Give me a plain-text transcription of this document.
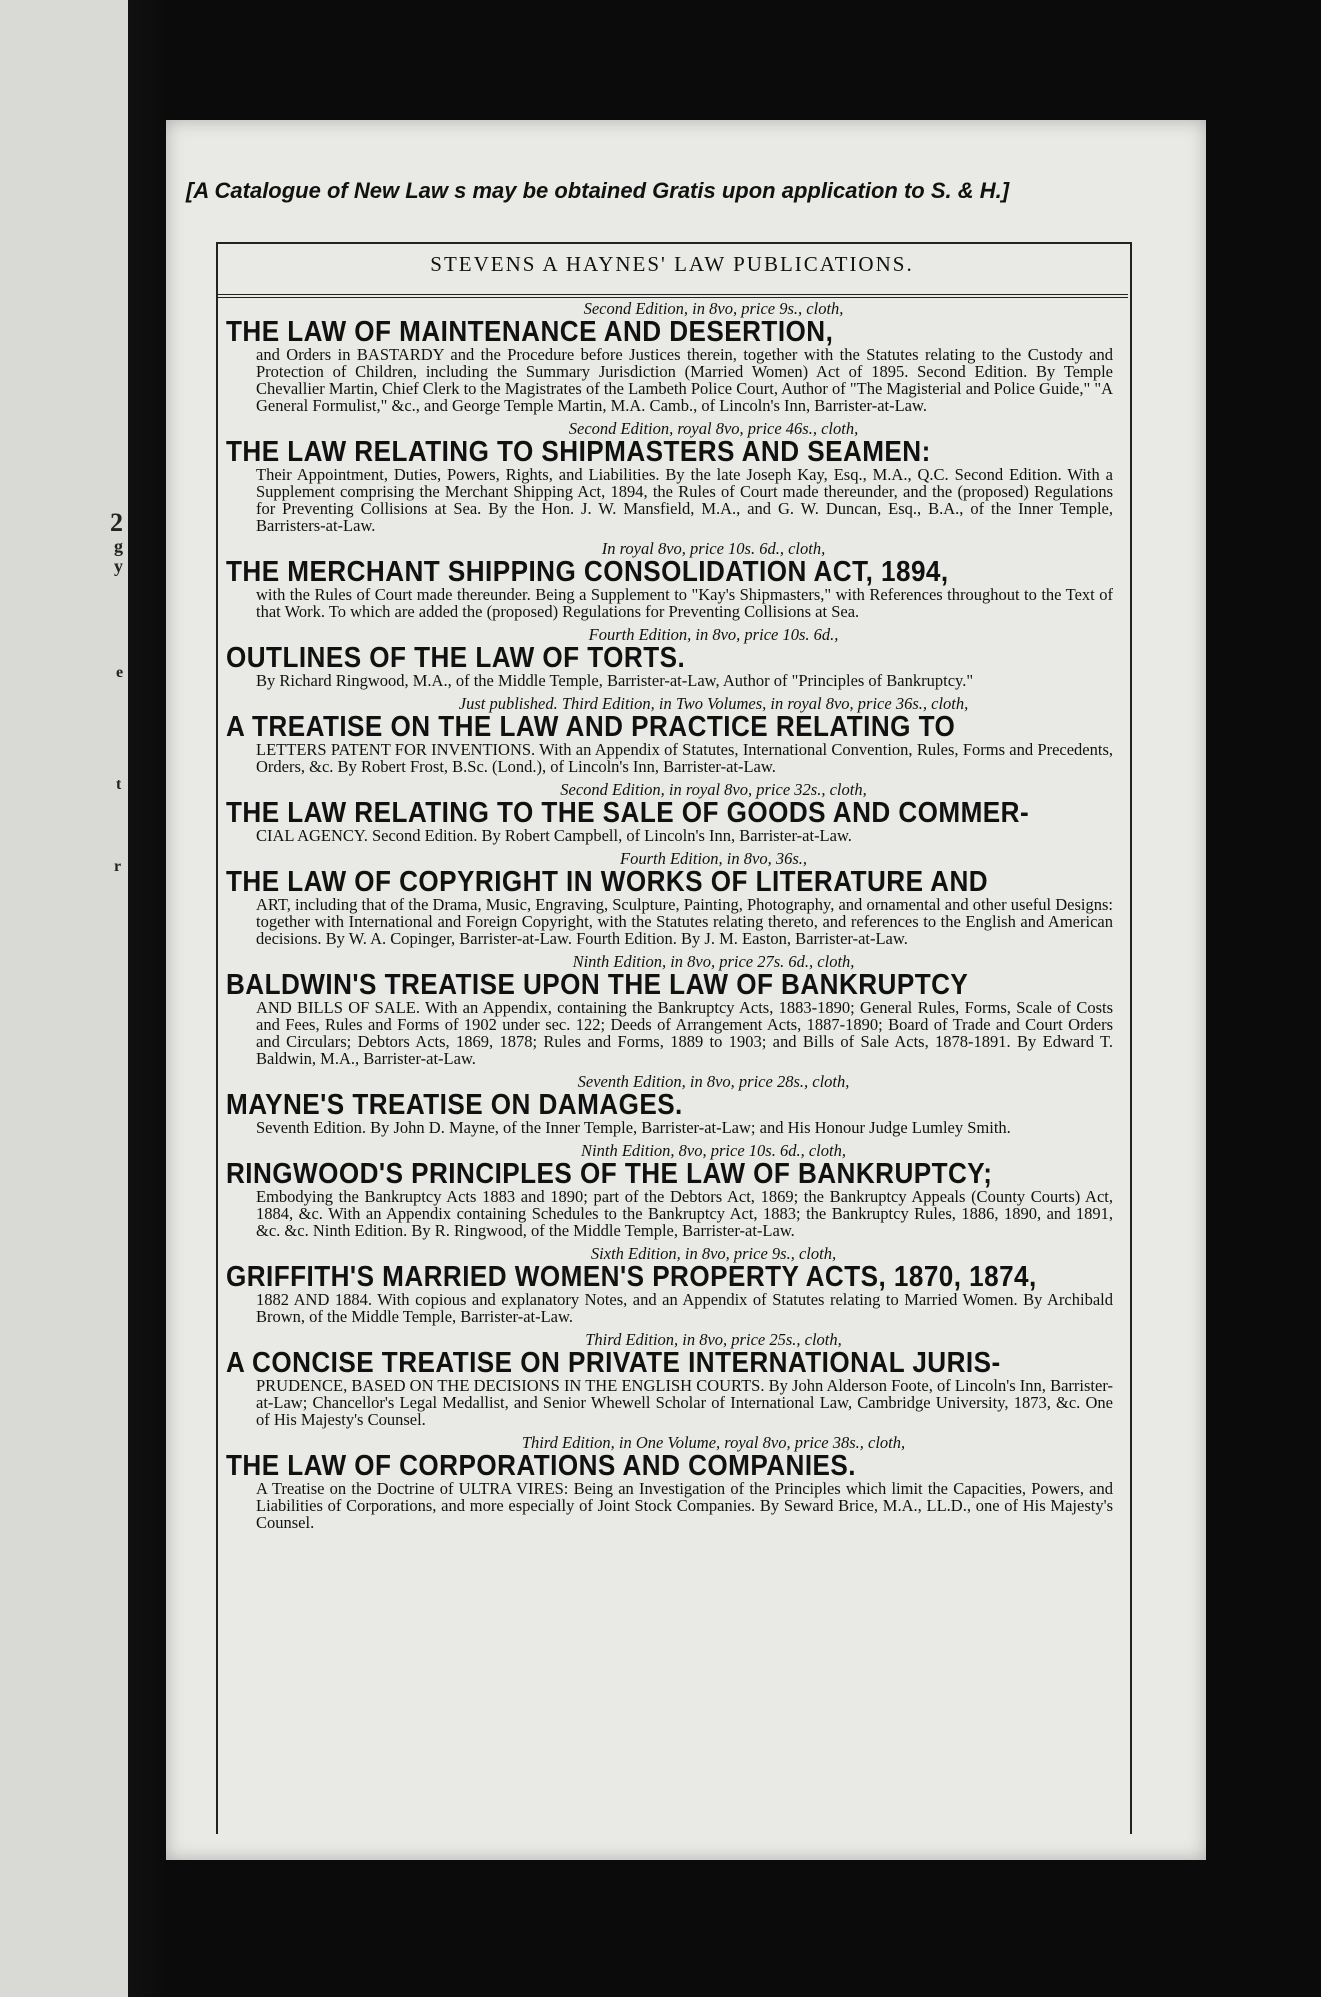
2
g
y
e
t
r
[A Catalogue of New Law s may be obtained Gratis upon application to S. & H.]
STEVENS A HAYNES' LAW PUBLICATIONS.
Second Edition, in 8vo, price 9s., cloth,
THE LAW OF MAINTENANCE AND DESERTION,
and Orders in BASTARDY and the Procedure before Justices therein, together with the Statutes relating to the Custody and Protection of Children, including the Summary Jurisdiction (Married Women) Act of 1895. Second Edition. By Temple Chevallier Martin, Chief Clerk to the Magistrates of the Lambeth Police Court, Author of "The Magisterial and Police Guide," "A General Formulist," &c., and George Temple Martin, M.A. Camb., of Lincoln's Inn, Barrister-at-Law.
Second Edition, royal 8vo, price 46s., cloth,
THE LAW RELATING TO SHIPMASTERS AND SEAMEN:
Their Appointment, Duties, Powers, Rights, and Liabilities. By the late Joseph Kay, Esq., M.A., Q.C. Second Edition. With a Supplement comprising the Merchant Shipping Act, 1894, the Rules of Court made thereunder, and the (proposed) Regulations for Preventing Collisions at Sea. By the Hon. J. W. Mansfield, M.A., and G. W. Duncan, Esq., B.A., of the Inner Temple, Barristers-at-Law.
In royal 8vo, price 10s. 6d., cloth,
THE MERCHANT SHIPPING CONSOLIDATION ACT, 1894,
with the Rules of Court made thereunder. Being a Supplement to "Kay's Shipmasters," with References throughout to the Text of that Work. To which are added the (proposed) Regulations for Preventing Collisions at Sea.
Fourth Edition, in 8vo, price 10s. 6d.,
OUTLINES OF THE LAW OF TORTS.
By Richard Ringwood, M.A., of the Middle Temple, Barrister-at-Law, Author of "Principles of Bankruptcy."
Just published. Third Edition, in Two Volumes, in royal 8vo, price 36s., cloth,
A TREATISE ON THE LAW AND PRACTICE RELATING TO
LETTERS PATENT FOR INVENTIONS. With an Appendix of Statutes, International Convention, Rules, Forms and Precedents, Orders, &c. By Robert Frost, B.Sc. (Lond.), of Lincoln's Inn, Barrister-at-Law.
Second Edition, in royal 8vo, price 32s., cloth,
THE LAW RELATING TO THE SALE OF GOODS AND COMMER-
CIAL AGENCY. Second Edition. By Robert Campbell, of Lincoln's Inn, Barrister-at-Law.
Fourth Edition, in 8vo, 36s.,
THE LAW OF COPYRIGHT IN WORKS OF LITERATURE AND
ART, including that of the Drama, Music, Engraving, Sculpture, Painting, Photography, and ornamental and other useful Designs: together with International and Foreign Copyright, with the Statutes relating thereto, and references to the English and American decisions. By W. A. Copinger, Barrister-at-Law. Fourth Edition. By J. M. Easton, Barrister-at-Law.
Ninth Edition, in 8vo, price 27s. 6d., cloth,
BALDWIN'S TREATISE UPON THE LAW OF BANKRUPTCY
AND BILLS OF SALE. With an Appendix, containing the Bankruptcy Acts, 1883-1890; General Rules, Forms, Scale of Costs and Fees, Rules and Forms of 1902 under sec. 122; Deeds of Arrangement Acts, 1887-1890; Board of Trade and Court Orders and Circulars; Debtors Acts, 1869, 1878; Rules and Forms, 1889 to 1903; and Bills of Sale Acts, 1878-1891. By Edward T. Baldwin, M.A., Barrister-at-Law.
Seventh Edition, in 8vo, price 28s., cloth,
MAYNE'S TREATISE ON DAMAGES.
Seventh Edition. By John D. Mayne, of the Inner Temple, Barrister-at-Law; and His Honour Judge Lumley Smith.
Ninth Edition, 8vo, price 10s. 6d., cloth,
RINGWOOD'S PRINCIPLES OF THE LAW OF BANKRUPTCY;
Embodying the Bankruptcy Acts 1883 and 1890; part of the Debtors Act, 1869; the Bankruptcy Appeals (County Courts) Act, 1884, &c. With an Appendix containing Schedules to the Bankruptcy Act, 1883; the Bankruptcy Rules, 1886, 1890, and 1891, &c. &c. Ninth Edition. By R. Ringwood, of the Middle Temple, Barrister-at-Law.
Sixth Edition, in 8vo, price 9s., cloth,
GRIFFITH'S MARRIED WOMEN'S PROPERTY ACTS, 1870, 1874,
1882 AND 1884. With copious and explanatory Notes, and an Appendix of Statutes relating to Married Women. By Archibald Brown, of the Middle Temple, Barrister-at-Law.
Third Edition, in 8vo, price 25s., cloth,
A CONCISE TREATISE ON PRIVATE INTERNATIONAL JURIS-
PRUDENCE, BASED ON THE DECISIONS IN THE ENGLISH COURTS. By John Alderson Foote, of Lincoln's Inn, Barrister-at-Law; Chancellor's Legal Medallist, and Senior Whewell Scholar of International Law, Cambridge University, 1873, &c. One of His Majesty's Counsel.
Third Edition, in One Volume, royal 8vo, price 38s., cloth,
THE LAW OF CORPORATIONS AND COMPANIES.
A Treatise on the Doctrine of ULTRA VIRES: Being an Investigation of the Principles which limit the Capacities, Powers, and Liabilities of Corporations, and more especially of Joint Stock Companies. By Seward Brice, M.A., LL.D., one of His Majesty's Counsel.
